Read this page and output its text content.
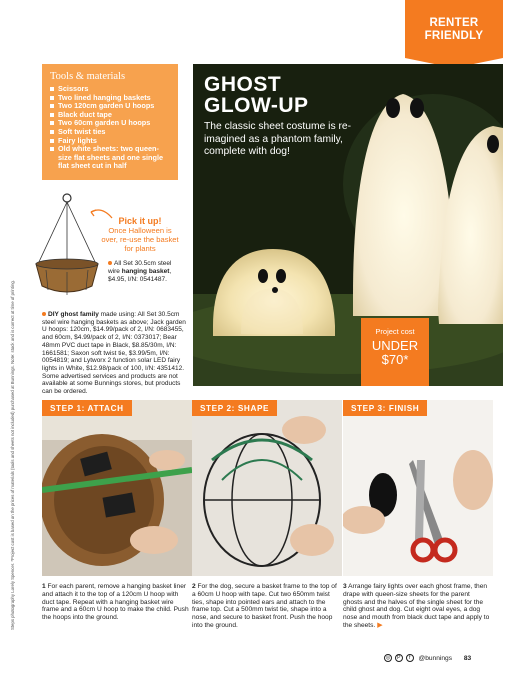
RENTER FRIENDLY
Steps photography Lorely Spencer. *Project cost is based on the prices of materials (tools and sheets not included) purchased at Bunnings. Note: stock and is correct at time of printing.
Tools & materials
Scissors
Two lined hanging baskets
Two 120cm garden U hoops
Black duct tape
Two 60cm garden U hoops
Soft twist ties
Fairy lights
Old white sheets: two queen-size flat sheets and one single flat sheet cut in half
GHOST
GLOW-UP

The classic sheet costume is re-imagined as a phantom family, complete with dog!

Project cost
UNDER
$70*
Pick it up!
Once Halloween is over, re-use the basket for plants
All Set 30.5cm steel wire hanging basket, $4.95, I/N: 0541487.
DIY ghost family made using: All Set 30.5cm steel wire hanging baskets as above; Jack garden U hoops: 120cm, $14.99/pack of 2, I/N: 0683455, and 60cm, $4.99/pack of 2, I/N: 0373017; Bear 48mm PVC duct tape in Black, $8.85/30m, I/N: 1661581; Saxon soft twist tie, $3.99/5m, I/N: 0054819; and Lytworx 2 function solar LED fairy lights in White, $12.98/pack of 100, I/N: 4351412. Some advertised services and products are not available at some Bunnings stores, but products can be ordered.
STEP 1: ATTACH	STEP 2: SHAPE	STEP 3: FINISH
1 For each parent, remove a hanging basket liner and attach it to the top of a 120cm U hoop with duct tape. Repeat with a hanging basket wire frame and a 60cm U hoop to make the child. Push the hoops into the ground.
2 For the dog, secure a basket frame to the top of a 60cm U hoop with tape. Cut two 650mm twist ties, shape into pointed ears and attach to the frame top. Cut a 500mm twist tie, shape into a nose, and secure to basket front. Push the hoop into the ground.
3 Arrange fairy lights over each ghost frame, then drape with queen-size sheets for the parent ghosts and the halves of the single sheet for the child ghost and dog. Cut eight oval eyes, a dog nose and mouth from black duct tape and apply to the sheets. ▶
◎ P f @bunnings 83
